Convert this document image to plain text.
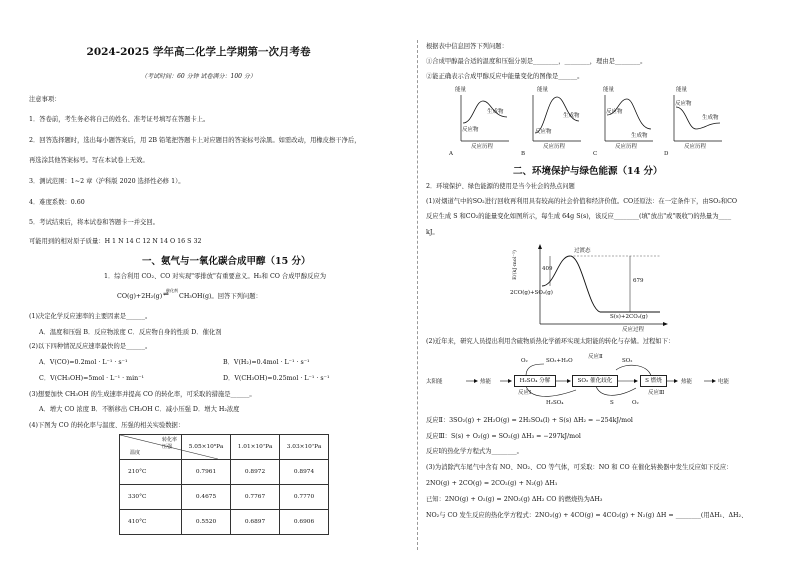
2024-2025 学年高二化学上学期第一次月考卷
（考试时间：60 分钟 试卷满分：100 分）
注意事项：
1．答卷前，考生务必将自己的姓名、准考证号填写在答题卡上。
2．回答选择题时，选出每小题答案后，用 2B 铅笔把答题卡上对应题目的答案标号涂黑。如需改动，用橡皮擦干净后，
再选涂其他答案标号。写在本试卷上无效。
3．测试范围：1~2 章（沪科版 2020 选择性必修 1）。
4．难度系数：0.60
5．考试结束后，将本试卷和答题卡一并交回。
可能用到的相对原子质量：H 1 N 14 C 12 N 14 O 16 S 32
一、氨气与一氧化碳合成甲醇（15 分）
1．综合利用 CO₂、CO 对实现"零排放"有重要意义。H₂和 CO 合成甲醇反应为
CO(g)+2H₂(g)
催化剂
⇌ CH₃OH(g)。回答下列问题：
(1)决定化学反应速率的主要因素是______。
A．温度和压强 B．反应物浓度 C．反应物自身的性质 D．催化剂
(2)以下四种情况反应速率最快的是______。
A．V(CO)=0.2mol · L⁻¹ · s⁻¹	B．V(H₂)=0.4mol · L⁻¹ · s⁻¹
C．V(CH₃OH)=5mol · L⁻¹ · min⁻¹	D．V(CH₃OH)=0.25mol · L⁻¹ · s⁻¹
(3)想要加快 CH₃OH 的生成速率并提高 CO 的转化率，可采取的措施是______。
A．增大 CO 浓度 B．不断移出 CH₃OH C．减小压强 D．增大 H₂浓度
(4)下图为 CO 的转化率与温度、压强的相关实验数据：
转化率 压强
温度	5.05×10⁶Pa	1.01×10⁷Pa	3.03×10⁷Pa
210°C	0.7961	0.8972	0.8974
330°C	0.4675	0.7767	0.7770
410°C	0.5520	0.6897	0.6906
根据表中信息回答下列问题：
①合成甲醇最合适的温度和压强分别是________，________，理由是________。
②能正确表示合成甲醇反应中能量变化的图像是______。
能量
生成物
反应物
反应历程
A
能量
生成物
反应物
反应历程
B
能量
反应物
生成物
反应历程
C
能量
反应物
生成物
反应历程
D
二、环境保护与绿色能源（14 分）
2．环境保护、绿色能源的使用是当今社会的热点问题
(1)对烟道气中的SO₂进行回收再利用具有较高的社会价值和经济价值。CO还原法：在一定条件下，由SO₂和CO
反应生成 S 和CO₂的能量变化如图所示，每生成 64g S(s)，该反应________(填"放出"或"吸收")的热量为____
kJ。
E/(kJ·mol⁻¹)	过渡态
409
679
2CO(g)+SO₂(g)
S(s)+2CO₂(g)
反应过程
(2)近年来，研究人员提出利用含硫物质热化学循环实现太阳能的转化与存储。过程如下：
太阳能	热能	H₂SO₄ 分解	SO₂ 催化歧化	S 燃烧	热能	电能
反应Ⅰ
反应Ⅱ
反应Ⅲ
O₂	SO₂+H₂O	SO₂
H₂SO₄	S	O₂
反应Ⅱ：3SO₂(g) + 2H₂O(g) = 2H₂SO₄(l) + S(s) ΔH₂ = −254kJ/mol
反应Ⅲ：S(s) + O₂(g) = SO₂(g) ΔH₃ = −297kJ/mol
反应Ⅰ的热化学方程式为________。
(3)为消除汽车尾气中含有 NO、NO₂、CO 等气体，可采取：NO 和 CO 在催化转换器中发生反应如下反应：
2NO(g) + 2CO(g) = 2CO₂(g) + N₂(g) ΔH₁
已知：2NO(g) + O₂(g) = 2NO₂(g) ΔH₂ CO 的燃烧热为ΔH₃
NO₂与 CO 发生反应的热化学方程式：2NO₂(g) + 4CO(g) = 4CO₂(g) + N₂(g) ΔH = ________(用ΔH₁、ΔH₂、
